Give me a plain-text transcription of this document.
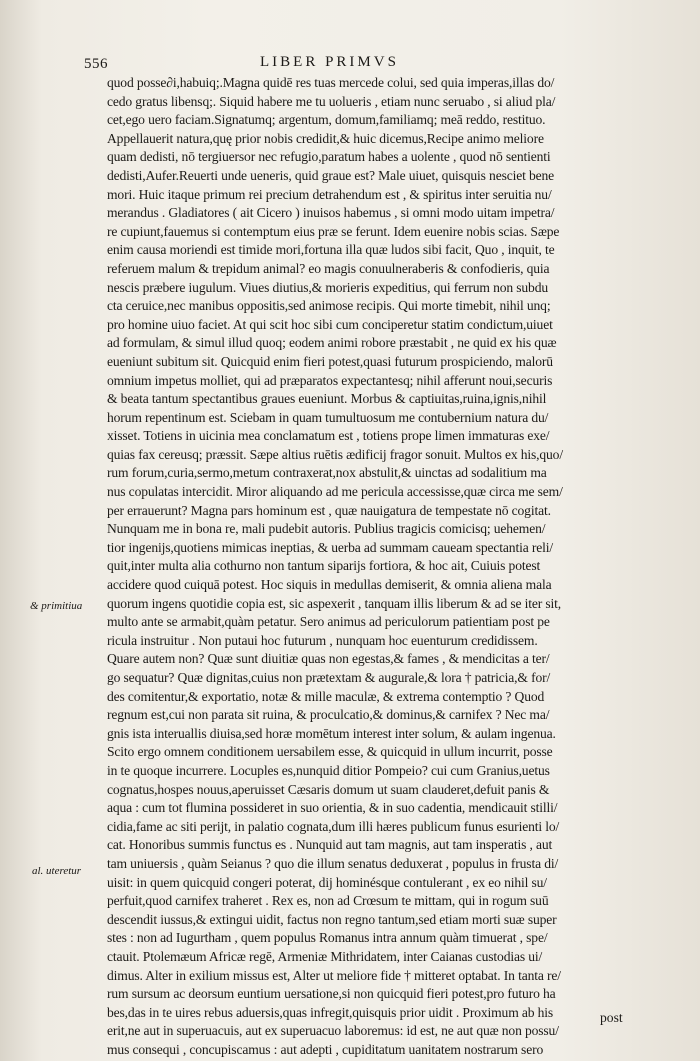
556	LIBER PRIMVS
& primitiua
al. uteretur
quod posse∂i,habuiq;.Magna quidē res tuas mercede colui, sed quia imperas,illas do/
cedo gratus libensq;. Siquid habere me tu uolueris , etiam nunc seruabo , si aliud pla/
cet,ego uero faciam.Signatumq; argentum, domum,familiamq; meā reddo, restituo.
Appellauerit natura,quę prior nobis credidit,& huic dicemus,Recipe animo meliore
quam dedisti, nō tergiuersor nec refugio,paratum habes a uolente , quod nō sentienti
dedisti,Aufer.Reuerti unde ueneris, quid graue est? Male uiuet, quisquis nesciet bene
mori. Huic itaque primum rei precium detrahendum est , & spiritus inter seruitia nu/
merandus . Gladiatores ( ait Cicero ) inuisos habemus , si omni modo uitam impetra/
re cupiunt,fauemus si contemptum eius præ se ferunt. Idem euenire nobis scias. Sæpe
enim causa moriendi est timide mori,fortuna illa quæ ludos sibi facit, Quo , inquit, te
referuem malum & trepidum animal? eo magis conuulneraberis & confodieris, quia
nescis præbere iugulum. Viues diutius,& morieris expeditius, qui ferrum non subdu
cta ceruice,nec manibus oppositis,sed animose recipis. Qui morte timebit, nihil unq;
pro homine uiuo faciet. At qui scit hoc sibi cum conciperetur statim condictum,uiuet
ad formulam, & simul illud quoq; eodem animi robore præstabit , ne quid ex his quæ
eueniunt subitum sit. Quicquid enim fieri potest,quasi futurum prospiciendo, malorū
omnium impetus molliet, qui ad præparatos expectantesq; nihil afferunt noui,securis
& beata tantum spectantibus graues eueniunt. Morbus & captiuitas,ruina,ignis,nihil
horum repentinum est. Sciebam in quam tumultuosum me contubernium natura du/
xisset. Totiens in uicinia mea conclamatum est , totiens prope limen immaturas exe/
quias fax cereusq; præssit. Sæpe altius ruētis ædificij fragor sonuit. Multos ex his,quo/
rum forum,curia,sermo,metum contraxerat,nox abstulit,& uinctas ad sodalitium ma
nus copulatas intercidit. Miror aliquando ad me pericula accessisse,quæ circa me sem/
per errauerunt? Magna pars hominum est , quæ nauigatura de tempestate nō cogitat.
Nunquam me in bona re, mali pudebit autoris. Publius tragicis comicisq; uehemen/
tior ingenijs,quotiens mimicas ineptias, & uerba ad summam caueam spectantia reli/
quit,inter multa alia cothurno non tantum siparijs fortiora, & hoc ait, Cuiuis potest
accidere quod cuiquā potest. Hoc siquis in medullas demiserit, & omnia aliena mala
quorum ingens quotidie copia est, sic aspexerit , tanquam illis liberum & ad se iter sit,
multo ante se armabit,quàm petatur. Sero animus ad periculorum patientiam post pe
ricula instruitur . Non putaui hoc futurum , nunquam hoc euenturum credidissem.
Quare autem non? Quæ sunt diuitiæ quas non egestas,& fames , & mendicitas a ter/
go sequatur? Quæ dignitas,cuius non prætextam & augurale,& lora † patricia,& for/
des comitentur,& exportatio, notæ & mille maculæ, & extrema contemptio ? Quod
regnum est,cui non parata sit ruina, & proculcatio,& dominus,& carnifex ? Nec ma/
gnis ista interuallis diuisa,sed horæ momētum interest inter solum, & aulam ingenua.
Scito ergo omnem conditionem uersabilem esse, & quicquid in ullum incurrit, posse
in te quoque incurrere. Locuples es,nunquid ditior Pompeio? cui cum Granius,uetus
cognatus,hospes nouus,aperuisset Cæsaris domum ut suam clauderet,defuit panis &
aqua : cum tot flumina possideret in suo orientia, & in suo cadentia, mendicauit stilli/
cidia,fame ac siti perijt, in palatio cognata,dum illi hæres publicum funus esurienti lo/
cat. Honoribus summis functus es . Nunquid aut tam magnis, aut tam insperatis , aut
tam uniuersis , quàm Seianus ? quo die illum senatus deduxerat , populus in frusta di/
uisit: in quem quicquid congeri poterat, dij hominésque contulerant , ex eo nihil su/
perfuit,quod carnifex traheret . Rex es, non ad Crœsum te mittam, qui in rogum suū
descendit iussus,& extingui uidit, factus non regno tantum,sed etiam morti suæ super
stes : non ad Iugurtham , quem populus Romanus intra annum quàm timuerat , spe/
ctauit. Ptolemæum Africæ regē, Armeniæ Mithridatem, inter Caianas custodias ui/
dimus. Alter in exilium missus est, Alter ut meliore fide † mitteret optabat. In tanta re/
rum sursum ac deorsum euntium uersatione,si non quicquid fieri potest,pro futuro ha
bes,das in te uires rebus aduersis,quas infregit,quisquis prior uidit . Proximum ab his
erit,ne aut in superuacuis, aut ex superuacuo laboremus: id est, ne aut quæ non possu/
mus consequi , concupiscamus : aut adepti , cupiditatum uanitatem nostrarum sero
post
